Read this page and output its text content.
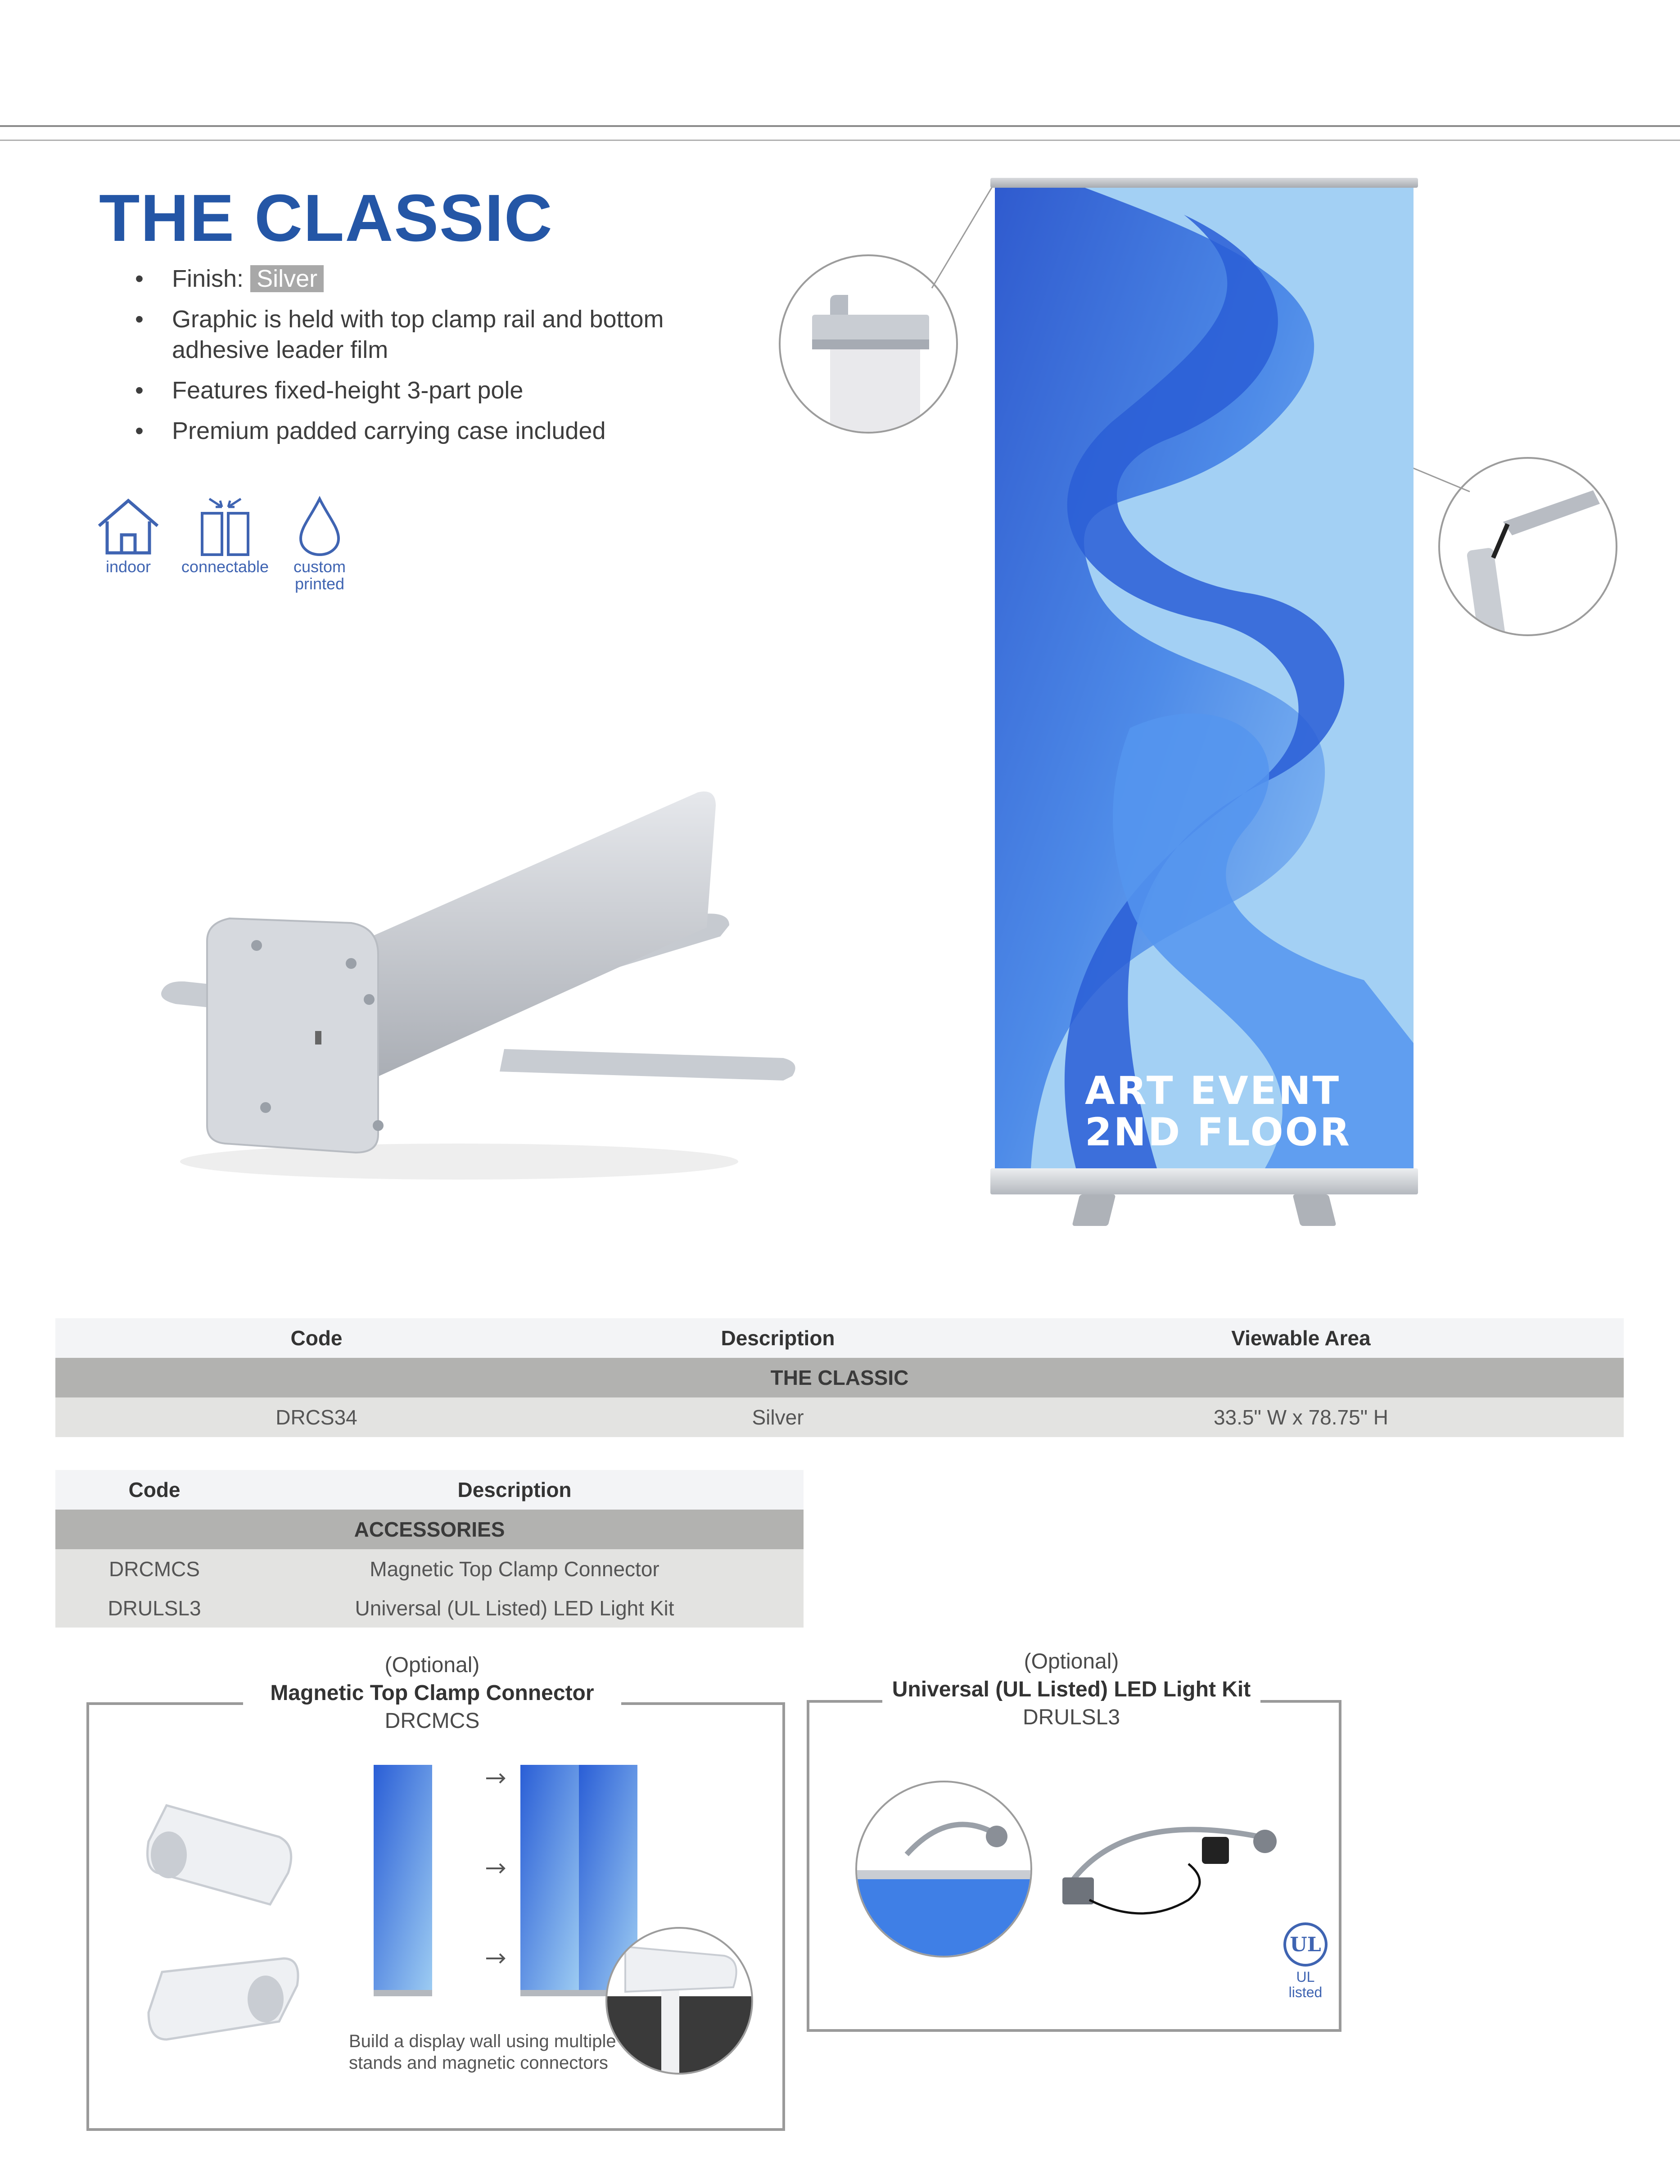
THE CLASSIC
• Finish: Silver
• Graphic is held with top clamp rail and bottom adhesive leader film
• Features fixed-height 3-part pole
• Premium padded carrying case included
indoor	connectable	custom printed
ART EVENT
2ND FLOOR
Code	Description	Viewable Area
THE CLASSIC
DRCS34	Silver	33.5" W x 78.75" H
Code	Description
ACCESSORIES
DRCMCS	Magnetic Top Clamp Connector
DRULSL3	Universal (UL Listed) LED Light Kit
(Optional)
Magnetic Top Clamp Connector
DRCMCS
Build a display wall using multiple stands and magnetic connectors
(Optional)
Universal (UL Listed) LED Light Kit
DRULSL3
UL
UL listed
